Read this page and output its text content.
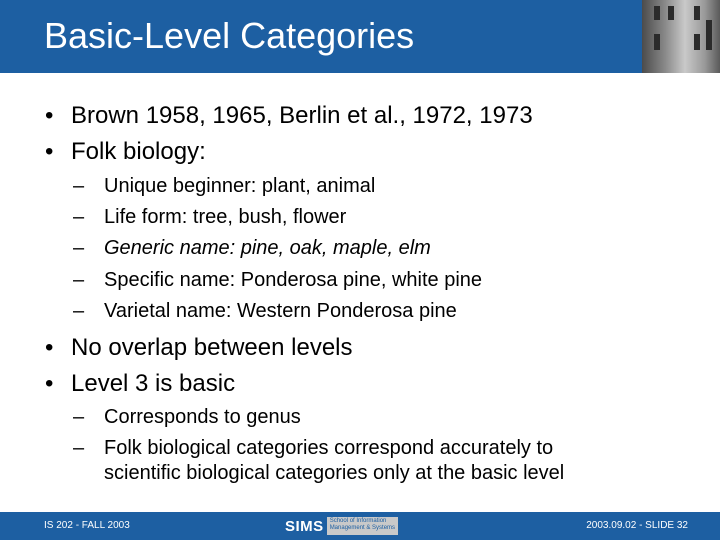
Basic-Level Categories
• Brown 1958, 1965, Berlin et al., 1972, 1973
• Folk biology:
– Unique beginner: plant, animal
– Life form: tree, bush, flower
– Generic name: pine, oak, maple, elm
– Specific name: Ponderosa pine, white pine
– Varietal name: Western Ponderosa pine
• No overlap between levels
• Level 3 is basic
– Corresponds to genus
– Folk biological categories correspond accurately to
scientific biological categories only at the basic level
IS 202 - FALL 2003	SIMS	School of Information
Management & Systems	2003.09.02 - SLIDE 32
